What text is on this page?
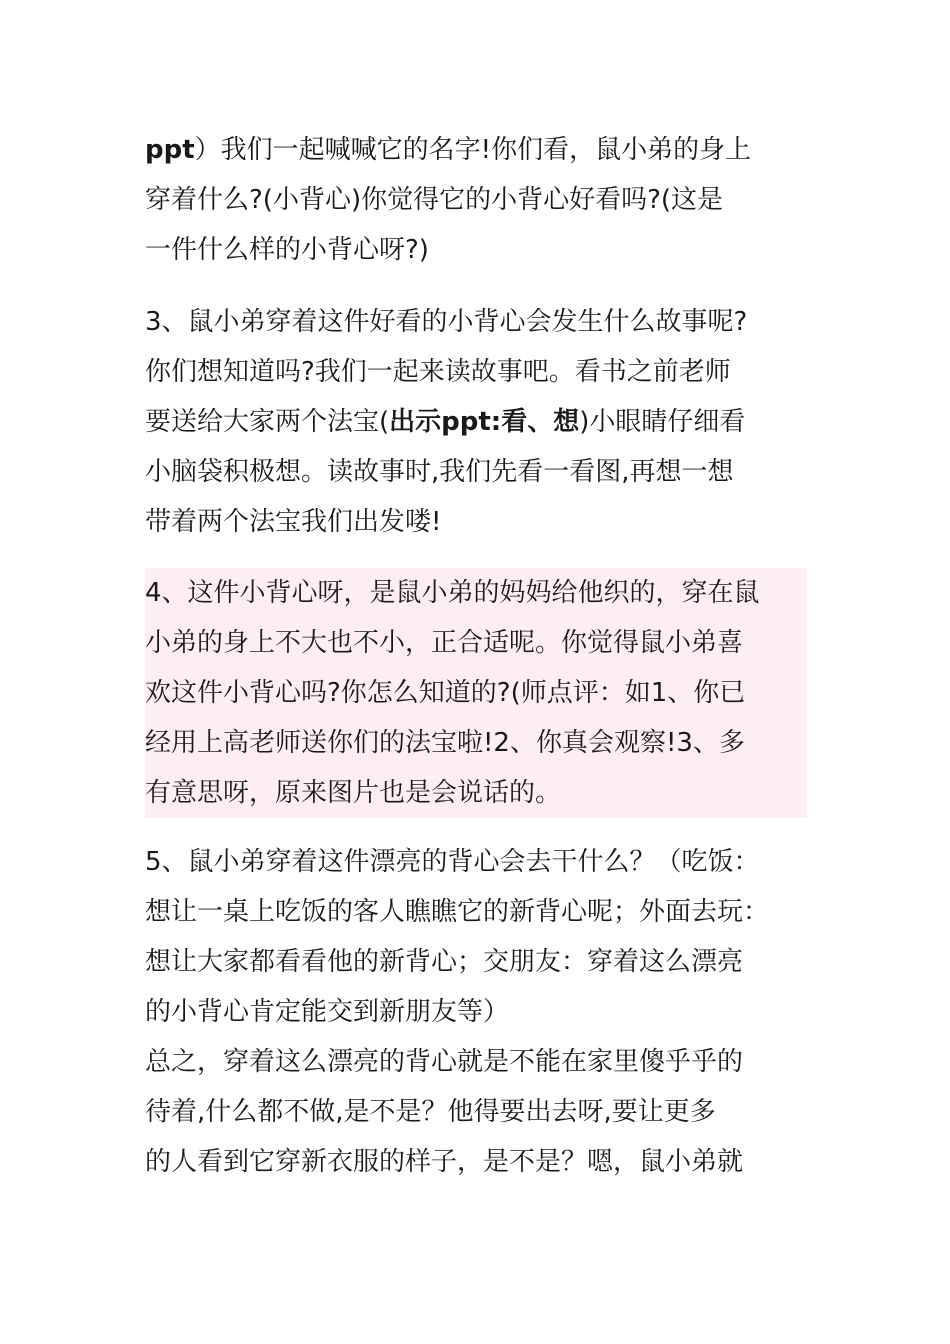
ppt）我们一起喊喊它的名字!你们看，鼠小弟的身上
穿着什么?(小背心)你觉得它的小背心好看吗?(这是
一件什么样的小背心呀?)
3、鼠小弟穿着这件好看的小背心会发生什么故事呢?
你们想知道吗?我们一起来读故事吧。看书之前老师
要送给大家两个法宝(出示ppt:看、想)小眼睛仔细看
小脑袋积极想。读故事时,我们先看一看图,再想一想
带着两个法宝我们出发喽!
4、这件小背心呀，是鼠小弟的妈妈给他织的，穿在鼠
小弟的身上不大也不小，正合适呢。你觉得鼠小弟喜
欢这件小背心吗?你怎么知道的?(师点评：如1、你已
经用上高老师送你们的法宝啦!2、你真会观察!3、多
有意思呀，原来图片也是会说话的。
5、鼠小弟穿着这件漂亮的背心会去干什么？（吃饭：
想让一桌上吃饭的客人瞧瞧它的新背心呢；外面去玩：
想让大家都看看他的新背心；交朋友：穿着这么漂亮
的小背心肯定能交到新朋友等）
总之，穿着这么漂亮的背心就是不能在家里傻乎乎的
待着,什么都不做,是不是？他得要出去呀,要让更多
的人看到它穿新衣服的样子，是不是？嗯，鼠小弟就
